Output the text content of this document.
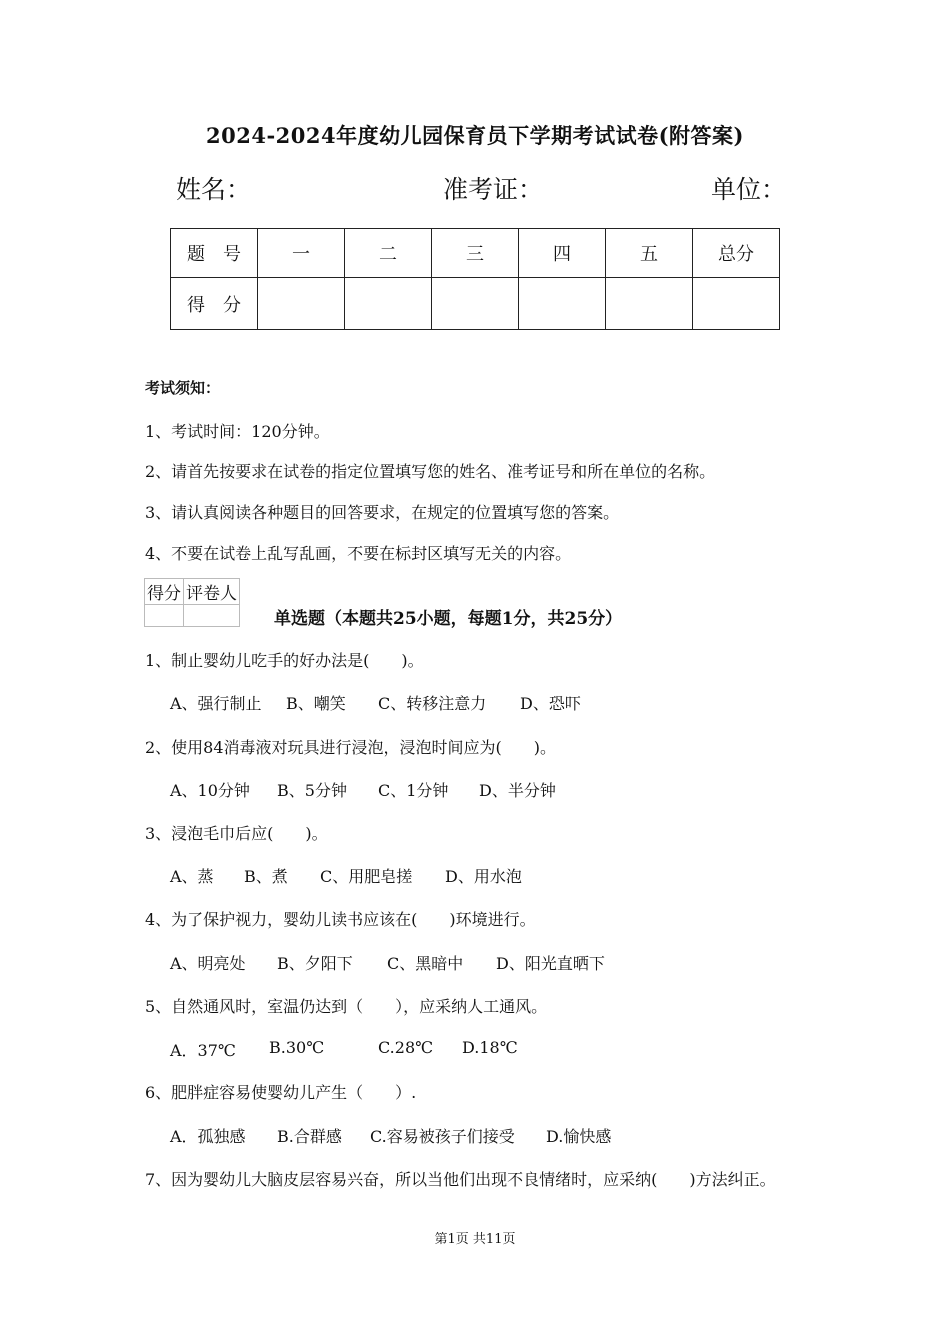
2024-2024年度幼儿园保育员下学期考试试卷(附答案)
姓名：	准考证：	单位：
题　号	一	二	三	四	五	总分
得　分						
考试须知：
1、考试时间：120分钟。
2、请首先按要求在试卷的指定位置填写您的姓名、准考证号和所在单位的名称。
3、请认真阅读各种题目的回答要求，在规定的位置填写您的答案。
4、不要在试卷上乱写乱画，不要在标封区填写无关的内容。
得分	评卷人

单选题（本题共25小题，每题1分，共25分）
1、制止婴幼儿吃手的好办法是(　　)。
A、强行制止 B、嘲笑 C、转移注意力 D、恐吓
2、使用84消毒液对玩具进行浸泡，浸泡时间应为(　　)。
A、10分钟 B、5分钟 C、1分钟 D、半分钟
3、浸泡毛巾后应(　　)。
A、蒸 B、煮 C、用肥皂搓 D、用水泡
4、为了保护视力，婴幼儿读书应该在(　　)环境进行。
A、明亮处 B、夕阳下 C、黑暗中 D、阳光直晒下
5、自然通风时，室温仍达到（　　），应采纳人工通风。
A．37℃ B.30℃	C.28℃ D.18℃
6、肥胖症容易使婴幼儿产生（　　）.
A．孤独感 B.合群感 C.容易被孩子们接受 D.愉快感
7、因为婴幼儿大脑皮层容易兴奋，所以当他们出现不良情绪时，应采纳(　　)方法纠正。
第1页 共11页
